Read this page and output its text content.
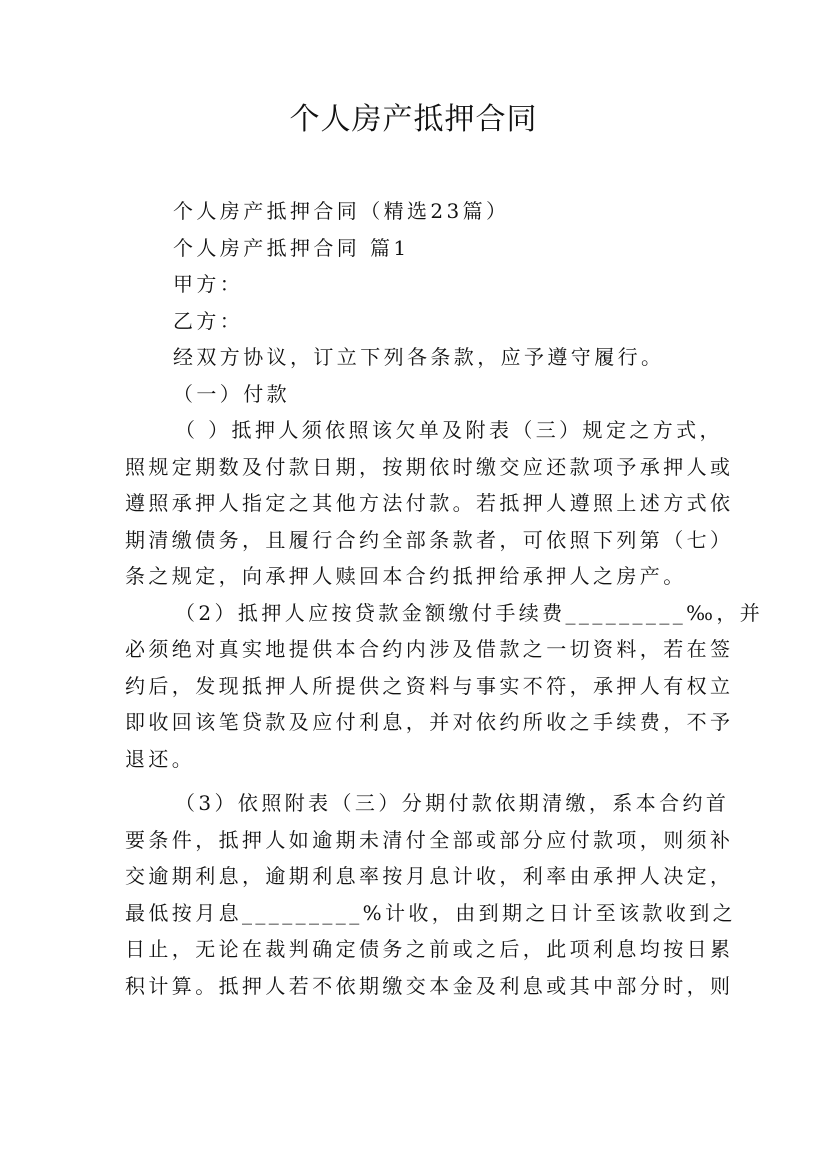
个人房产抵押合同

个人房产抵押合同（精选23篇）

个人房产抵押合同 篇1

甲方：

乙方：

经双方协议，订立下列各条款，应予遵守履行。

（一）付款

（ ）抵押人须依照该欠单及附表（三）规定之方式，

照规定期数及付款日期，按期依时缴交应还款项予承押人或

遵照承押人指定之其他方法付款。若抵押人遵照上述方式依

期清缴债务，且履行合约全部条款者，可依照下列第（七）

条之规定，向承押人赎回本合约抵押给承押人之房产。

（2）抵押人应按贷款金额缴付手续费_________‰，并

必须绝对真实地提供本合约内涉及借款之一切资料，若在签

约后，发现抵押人所提供之资料与事实不符，承押人有权立

即收回该笔贷款及应付利息，并对依约所收之手续费，不予

退还。

（3）依照附表（三）分期付款依期清缴，系本合约首

要条件，抵押人如逾期未清付全部或部分应付款项，则须补

交逾期利息，逾期利息率按月息计收，利率由承押人决定，

最低按月息_________%计收，由到期之日计至该款收到之

日止，无论在裁判确定债务之前或之后，此项利息均按日累

积计算。抵押人若不依期缴交本金及利息或其中部分时，则
